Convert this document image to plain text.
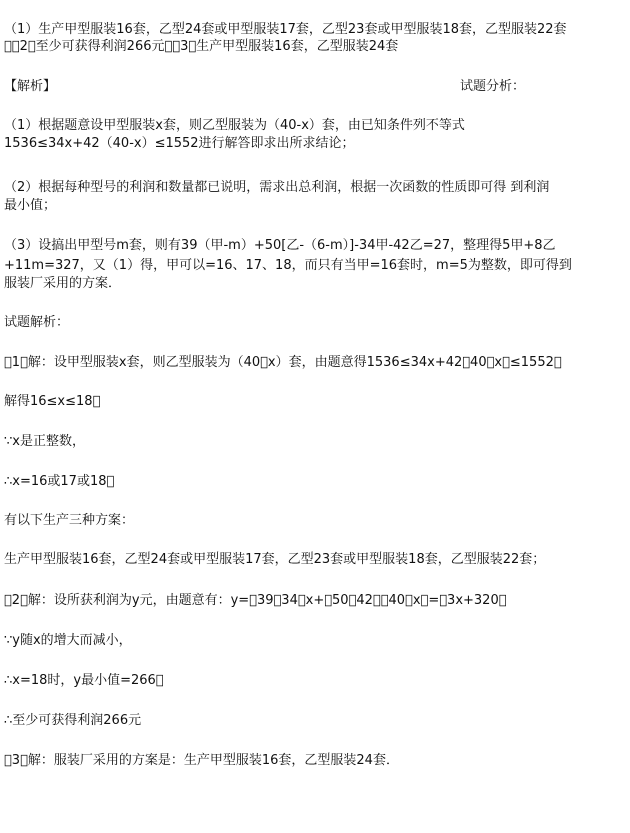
（1）生产甲型服装16套，乙型24套或甲型服装17套，乙型23套或甲型服装18套，乙型服装22套
；􀀀2􀀀至少可获得利润266元􀀀􀀀3􀀀生产甲型服装16套，乙型服装24套
【解析】	试题分析：
（1）根据题意设甲型服装x套，则乙型服装为（40-x）套，由已知条件列不等式
1536≤34x+42（40-x）≤1552进行解答即求出所求结论；
（2）根据每种型号的利润和数量都已说明，需求出总利润，根据一次函数的性质即可得 到利润
最小值；
（3）设搞出甲型号m套，则有39（甲-m）+50[乙-（6-m）]-34甲-42乙=27，整理得5甲+8乙
+11m=327，又（1）得，甲可以=16、17、18，而只有当甲=16套时，m=5为整数，即可得到
服装厂采用的方案．
试题解析：
􀀀1）解：设甲型服装x套，则乙型服装为（40􀀀x）套，由题意得1536≤34x+42􀀀40􀀀x􀀀≤1552􀀀
解得16≤x≤18􀀀
∵x是正整数，
∴x=16或17或18􀀀
有以下生产三种方案：
生产甲型服装16套，乙型24套或甲型服装17套，乙型23套或甲型服装18套，乙型服装22套；
􀀀2）解：设所获利润为y元，由题意有：y=􀀀39􀀀34􀀀x+􀀀50􀀀42􀀀􀀀40􀀀x􀀀=􀀀3x+320􀀀
∵y随x的增大而减小，
∴x=18时，y最小值=266􀀀
∴至少可获得利润266元
􀀀3）解：服装厂采用的方案是：生产甲型服装16套，乙型服装24套．
